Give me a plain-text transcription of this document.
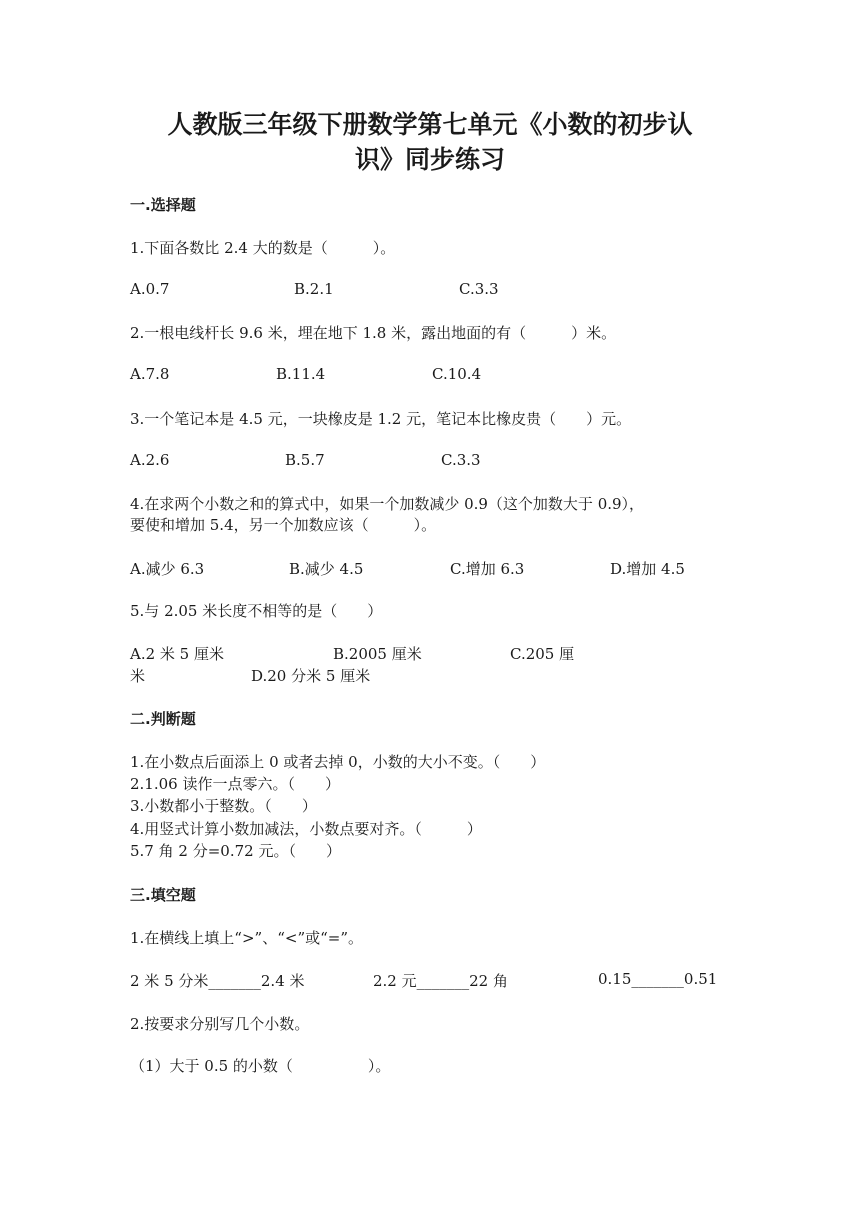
人教版三年级下册数学第七单元《小数的初步认
识》同步练习
一.选择题
1.下面各数比 2.4 大的数是（　　　）。
A.0.7	B.2.1	C.3.3
2.一根电线杆长 9.6 米，埋在地下 1.8 米，露出地面的有（　　　）米。
A.7.8	B.11.4	C.10.4
3.一个笔记本是 4.5 元，一块橡皮是 1.2 元，笔记本比橡皮贵（　　）元。
A.2.6	B.5.7	C.3.3
4.在求两个小数之和的算式中，如果一个加数减少 0.9（这个加数大于 0.9），
要使和增加 5.4，另一个加数应该（　　　）。
A.减少 6.3	B.减少 4.5	C.增加 6.3	D.增加 4.5
5.与 2.05 米长度不相等的是（　　）
A.2 米 5 厘米	B.2005 厘米	C.205 厘
米	D.20 分米 5 厘米
二.判断题
1.在小数点后面添上 0 或者去掉 0，小数的大小不变。（　　）
2.1.06 读作一点零六。（　　）
3.小数都小于整数。（　　）
4.用竖式计算小数加减法，小数点要对齐。（　　　）
5.7 角 2 分=0.72 元。（　　）
三.填空题
1.在横线上填上“>”、“<”或“=”。
2 米 5 分米_______2.4 米	2.2 元_______22 角	0.15_______0.51
2.按要求分别写几个小数。
（1）大于 0.5 的小数（　　　　　）。
